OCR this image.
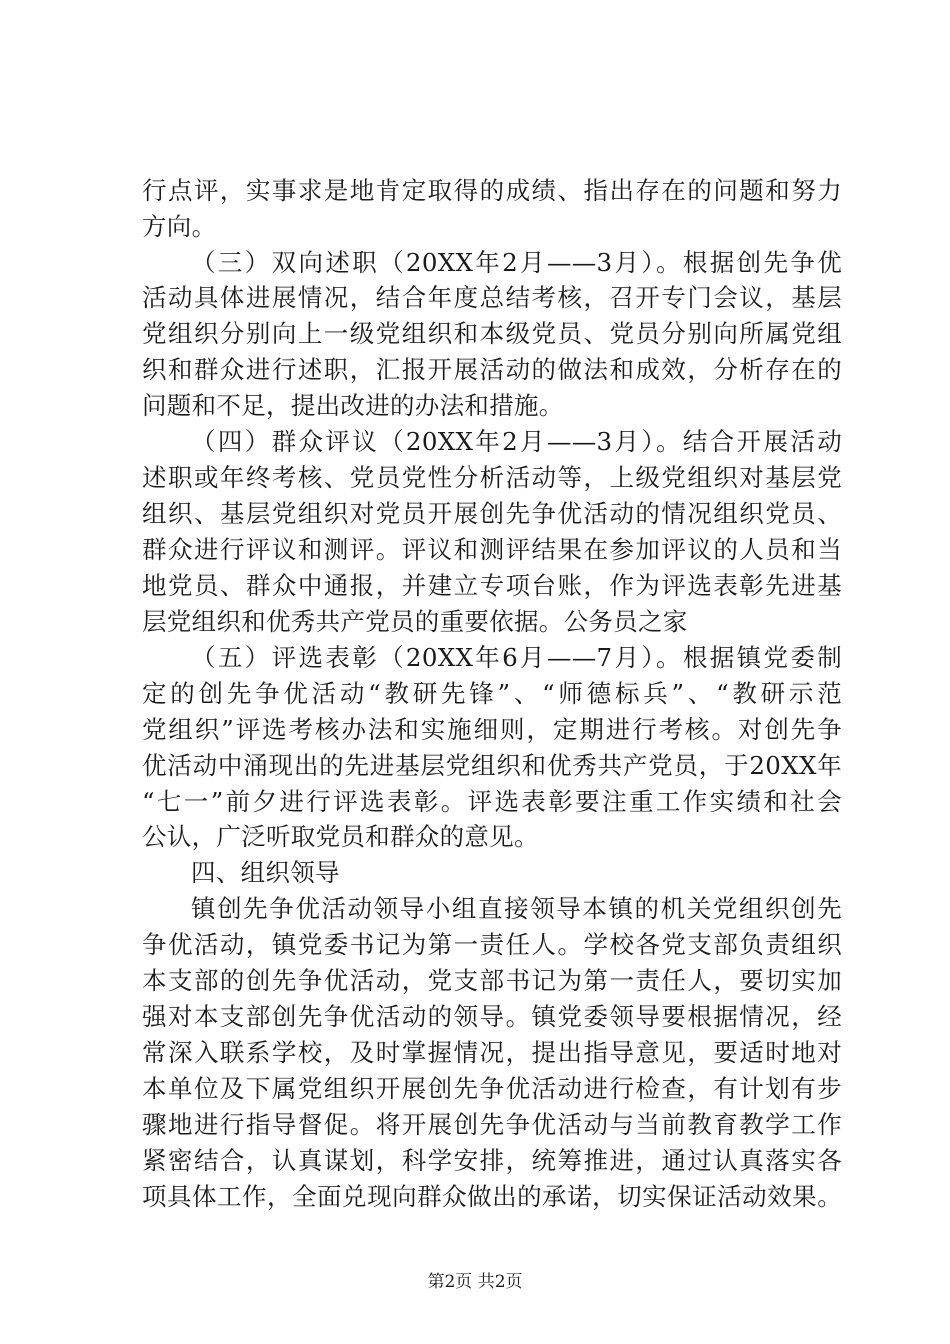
行点评，实事求是地肯定取得的成绩、指出存在的问题和努力
方向。
（三）双向述职（20XX年2月——3月）。根据创先争优
活动具体进展情况，结合年度总结考核，召开专门会议，基层
党组织分别向上一级党组织和本级党员、党员分别向所属党组
织和群众进行述职，汇报开展活动的做法和成效，分析存在的
问题和不足，提出改进的办法和措施。
（四）群众评议（20XX年2月——3月）。结合开展活动
述职或年终考核、党员党性分析活动等，上级党组织对基层党
组织、基层党组织对党员开展创先争优活动的情况组织党员、
群众进行评议和测评。评议和测评结果在参加评议的人员和当
地党员、群众中通报，并建立专项台账，作为评选表彰先进基
层党组织和优秀共产党员的重要依据。公务员之家
（五）评选表彰（20XX年6月——7月）。根据镇党委制
定的创先争优活动“教研先锋”、“师德标兵”、“教研示范
党组织”评选考核办法和实施细则，定期进行考核。对创先争
优活动中涌现出的先进基层党组织和优秀共产党员，于20XX年
“七一”前夕进行评选表彰。评选表彰要注重工作实绩和社会
公认，广泛听取党员和群众的意见。
四、组织领导
镇创先争优活动领导小组直接领导本镇的机关党组织创先
争优活动，镇党委书记为第一责任人。学校各党支部负责组织
本支部的创先争优活动，党支部书记为第一责任人，要切实加
强对本支部创先争优活动的领导。镇党委领导要根据情况，经
常深入联系学校，及时掌握情况，提出指导意见，要适时地对
本单位及下属党组织开展创先争优活动进行检查，有计划有步
骤地进行指导督促。将开展创先争优活动与当前教育教学工作
紧密结合，认真谋划，科学安排，统筹推进，通过认真落实各
项具体工作，全面兑现向群众做出的承诺，切实保证活动效果。
第2页 共2页
